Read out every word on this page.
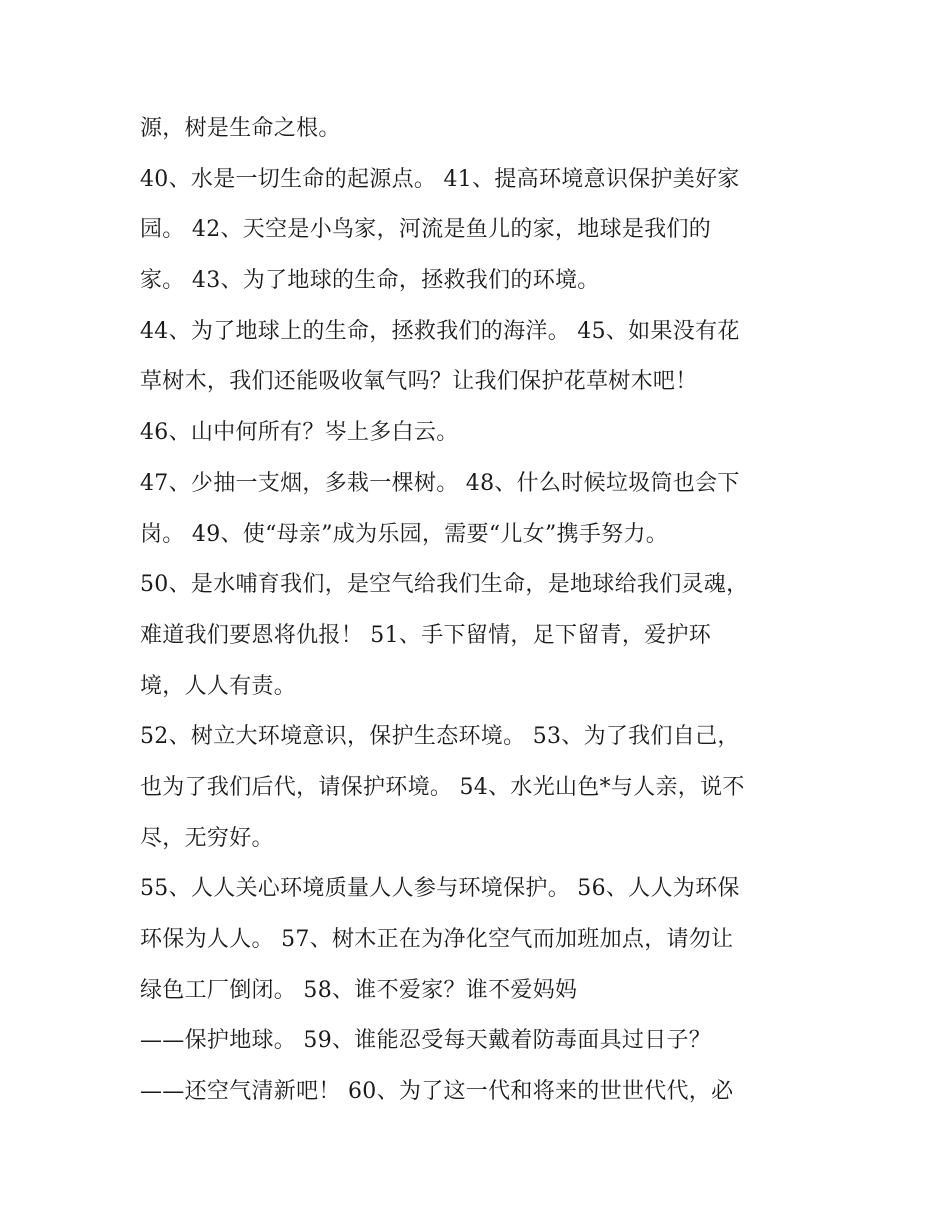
源，树是生命之根。
40、水是一切生命的起源点。 41、提高环境意识保护美好家
园。 42、天空是小鸟家，河流是鱼儿的家，地球是我们的
家。 43、为了地球的生命，拯救我们的环境。
44、为了地球上的生命，拯救我们的海洋。 45、如果没有花
草树木，我们还能吸收氧气吗？让我们保护花草树木吧！
46、山中何所有？岑上多白云。
47、少抽一支烟，多栽一棵树。 48、什么时候垃圾筒也会下
岗。 49、使“母亲”成为乐园，需要“儿女”携手努力。
50、是水哺育我们，是空气给我们生命，是地球给我们灵魂，
难道我们要恩将仇报！ 51、手下留情，足下留青，爱护环
境，人人有责。
52、树立大环境意识，保护生态环境。 53、为了我们自己，
也为了我们后代，请保护环境。 54、水光山色*与人亲，说不
尽，无穷好。
55、人人关心环境质量人人参与环境保护。 56、人人为环保
环保为人人。 57、树木正在为净化空气而加班加点，请勿让
绿色工厂倒闭。 58、谁不爱家？谁不爱妈妈
——保护地球。 59、谁能忍受每天戴着防毒面具过日子？
——还空气清新吧！ 60、为了这一代和将来的世世代代，必
